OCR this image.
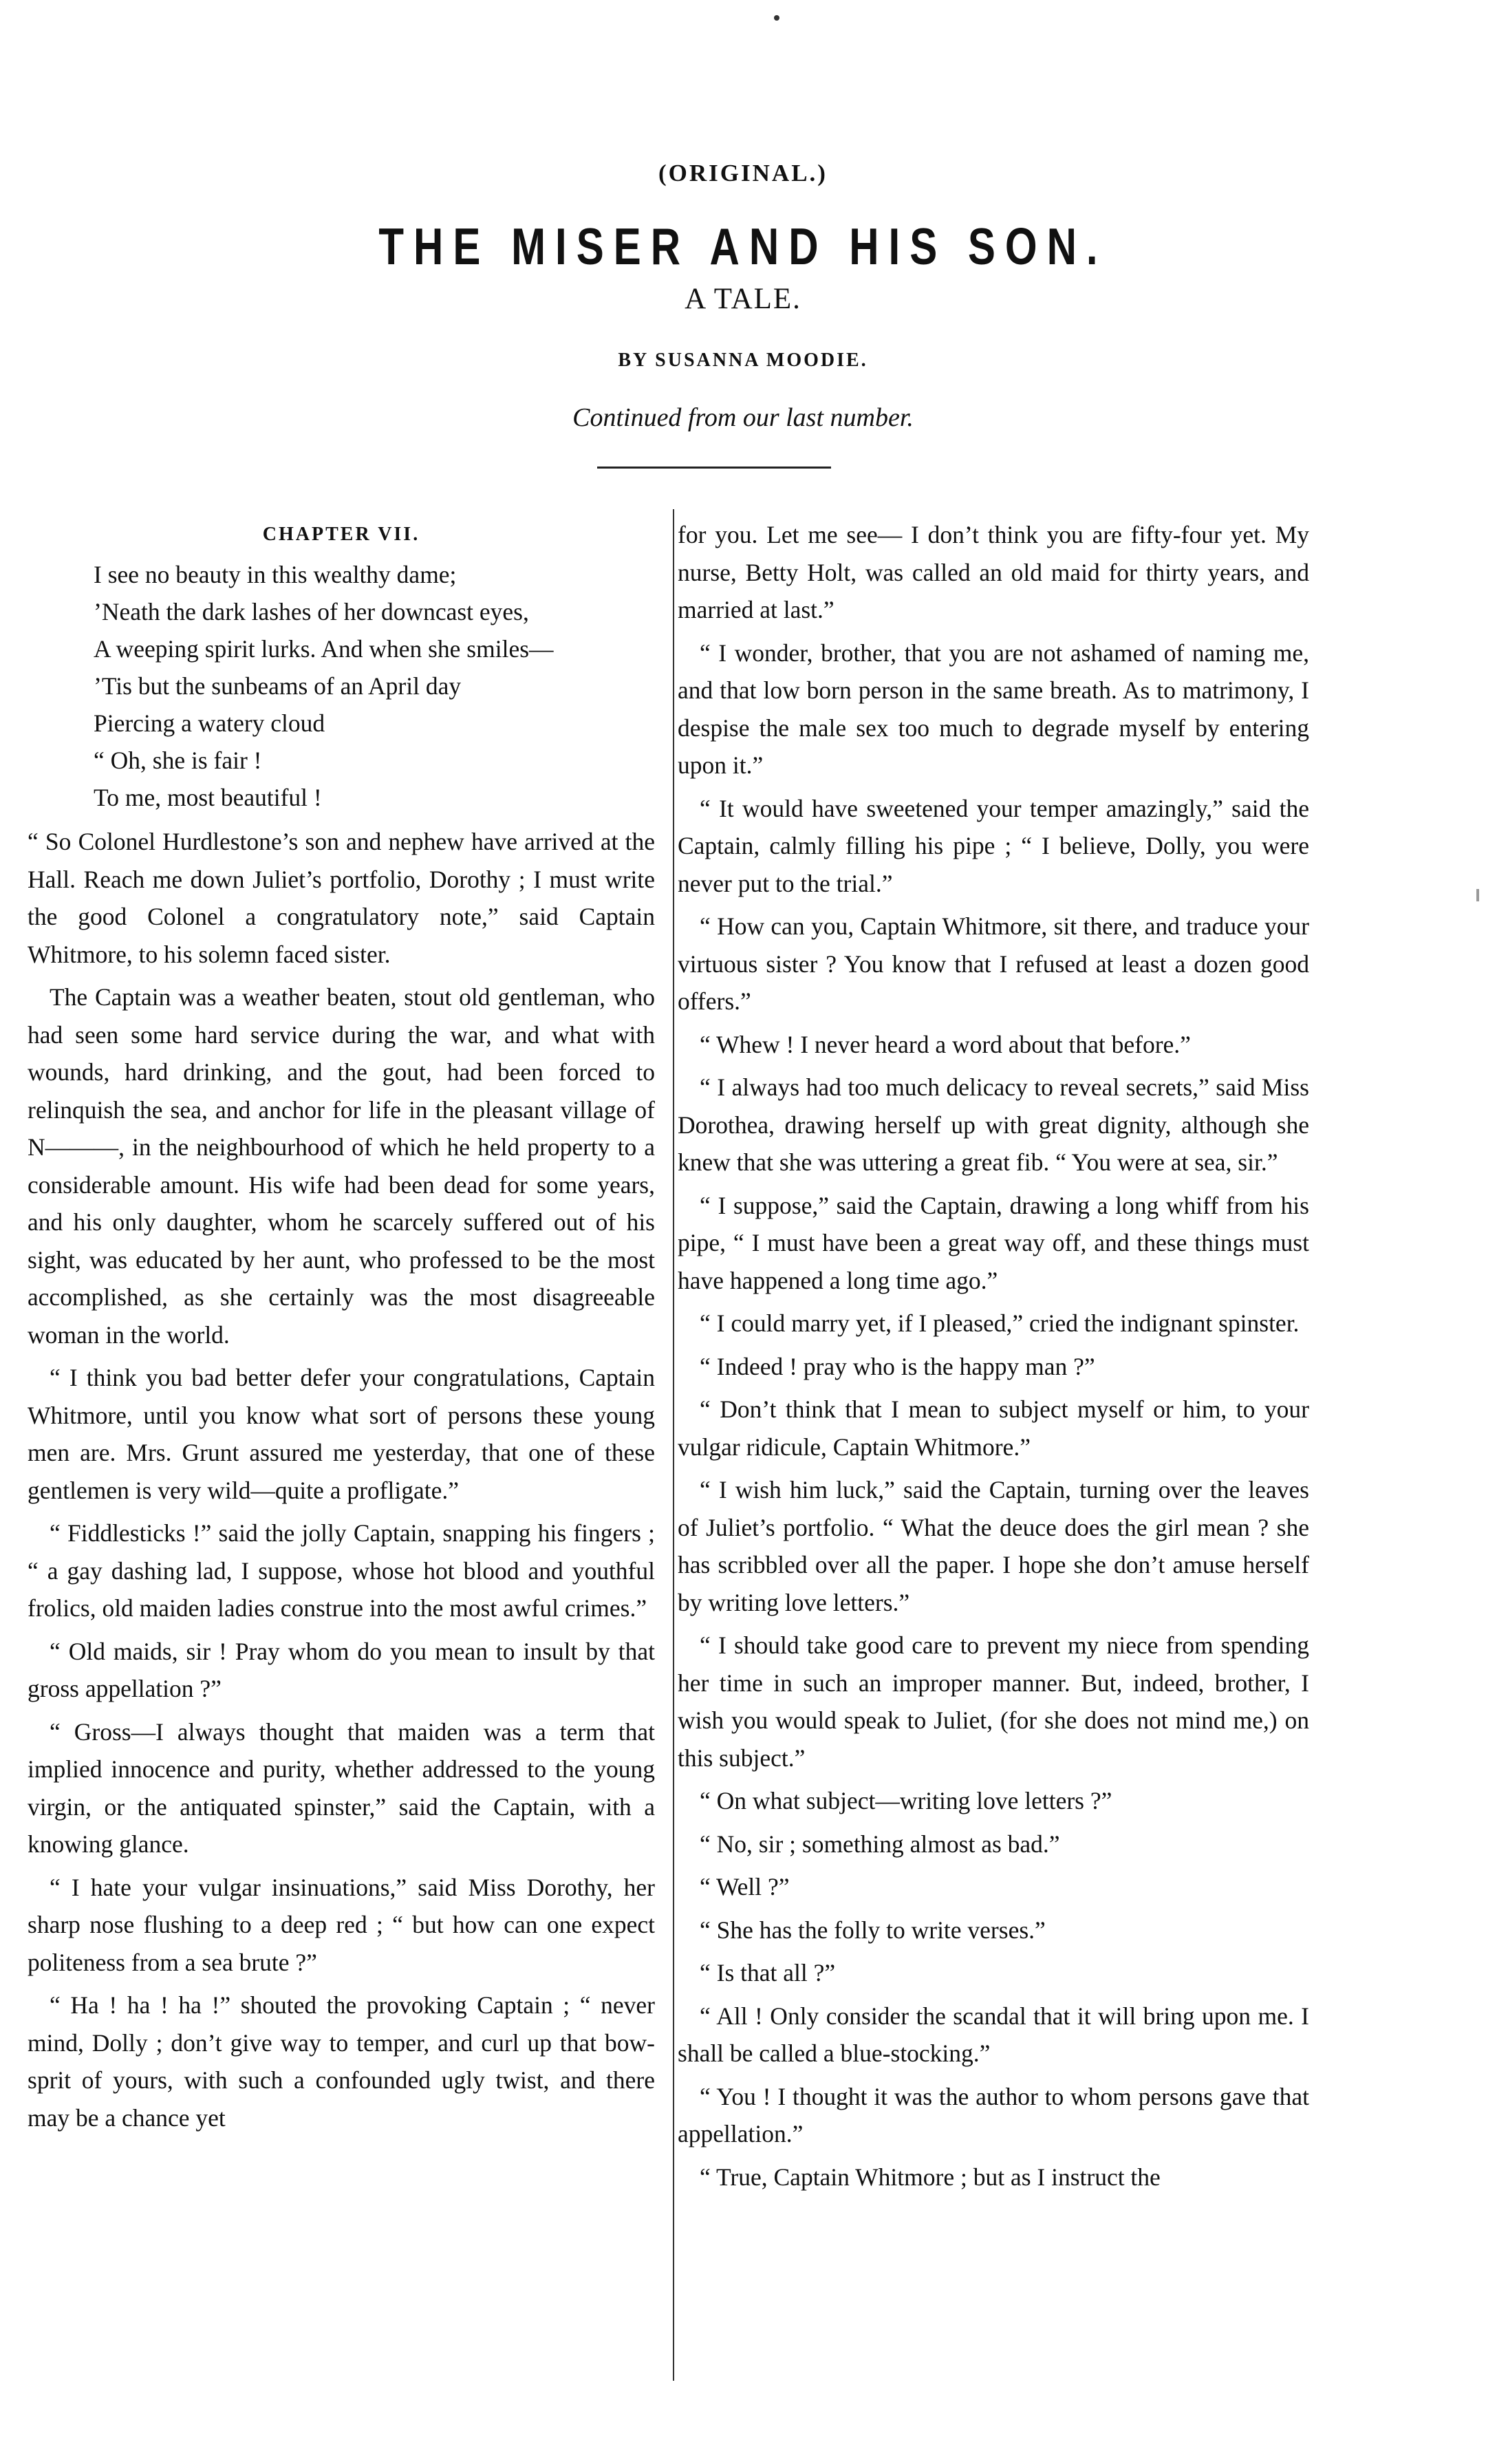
(ORIGINAL.)
THE MISER AND HIS SON.
A TALE.
BY SUSANNA MOODIE.
Continued from our last number.
CHAPTER VII.
I see no beauty in this wealthy dame;
’Neath the dark lashes of her downcast eyes,
A weeping spirit lurks. And when she smiles—
’Tis but the sunbeams of an April day
Piercing a watery cloud
“ Oh, she is fair !
To me, most beautiful !

“ So Colonel Hurdlestone’s son and nephew have arrived at the Hall. Reach me down Juliet’s portfolio, Dorothy ; I must write the good Colonel a congratulatory note,” said Captain Whitmore, to his solemn faced sister.

The Captain was a weather beaten, stout old gentleman, who had seen some hard service during the war, and what with wounds, hard drinking, and the gout, had been forced to relinquish the sea, and anchor for life in the pleasant village of N———, in the neighbourhood of which he held property to a considerable amount. His wife had been dead for some years, and his only daughter, whom he scarcely suffered out of his sight, was educated by her aunt, who professed to be the most accomplished, as she certainly was the most disagreeable woman in the world.

“ I think you bad better defer your congratulations, Captain Whitmore, until you know what sort of persons these young men are. Mrs. Grunt assured me yesterday, that one of these gentlemen is very wild—quite a profligate.”

“ Fiddlesticks !” said the jolly Captain, snapping his fingers ; “ a gay dashing lad, I suppose, whose hot blood and youthful frolics, old maiden ladies construe into the most awful crimes.”

“ Old maids, sir ! Pray whom do you mean to insult by that gross appellation ?”

“ Gross—I always thought that maiden was a term that implied innocence and purity, whether addressed to the young virgin, or the antiquated spinster,” said the Captain, with a knowing glance.

“ I hate your vulgar insinuations,” said Miss Dorothy, her sharp nose flushing to a deep red ; “ but how can one expect politeness from a sea brute ?”

“ Ha ! ha ! ha !” shouted the provoking Captain ; “ never mind, Dolly ; don’t give way to temper, and curl up that bow-sprit of yours, with such a confounded ugly twist, and there may be a chance yet

for you. Let me see— I don’t think you are fifty-four yet. My nurse, Betty Holt, was called an old maid for thirty years, and married at last.”

“ I wonder, brother, that you are not ashamed of naming me, and that low born person in the same breath. As to matrimony, I despise the male sex too much to degrade myself by entering upon it.”

“ It would have sweetened your temper amazingly,” said the Captain, calmly filling his pipe ; “ I believe, Dolly, you were never put to the trial.”

“ How can you, Captain Whitmore, sit there, and traduce your virtuous sister ? You know that I refused at least a dozen good offers.”

“ Whew ! I never heard a word about that before.”

“ I always had too much delicacy to reveal secrets,” said Miss Dorothea, drawing herself up with great dignity, although she knew that she was uttering a great fib. “ You were at sea, sir.”

“ I suppose,” said the Captain, drawing a long whiff from his pipe, “ I must have been a great way off, and these things must have happened a long time ago.”

“ I could marry yet, if I pleased,” cried the indignant spinster.

“ Indeed ! pray who is the happy man ?”

“ Don’t think that I mean to subject myself or him, to your vulgar ridicule, Captain Whitmore.”

“ I wish him luck,” said the Captain, turning over the leaves of Juliet’s portfolio. “ What the deuce does the girl mean ? she has scribbled over all the paper. I hope she don’t amuse herself by writing love letters.”

“ I should take good care to prevent my niece from spending her time in such an improper manner. But, indeed, brother, I wish you would speak to Juliet, (for she does not mind me,) on this subject.”

“ On what subject—writing love letters ?”

“ No, sir ; something almost as bad.”

“ Well ?”

“ She has the folly to write verses.”

“ Is that all ?”

“ All ! Only consider the scandal that it will bring upon me. I shall be called a blue-stocking.”

“ You ! I thought it was the author to whom persons gave that appellation.”

“ True, Captain Whitmore ; but as I instruct the
